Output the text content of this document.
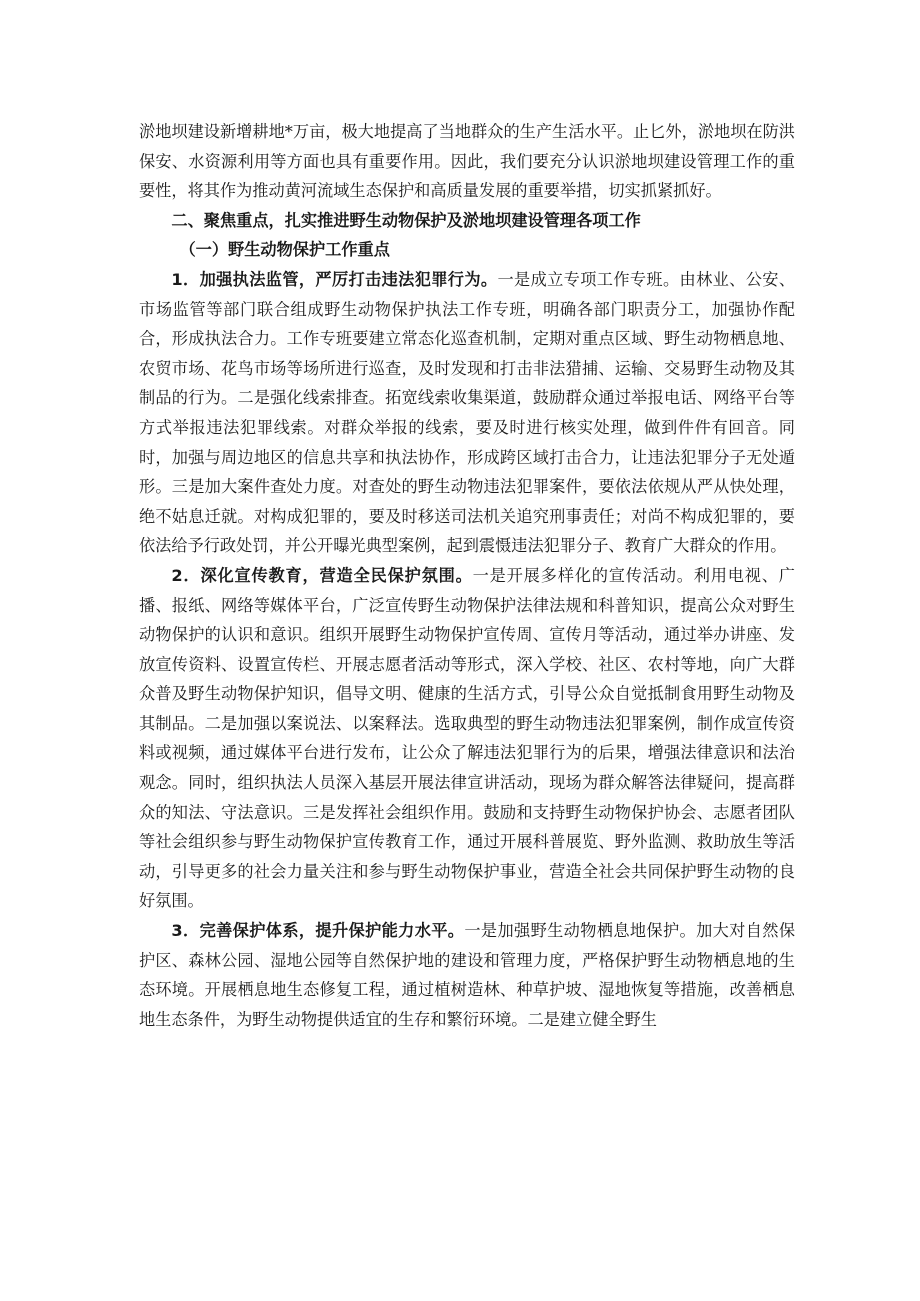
淤地坝建设新增耕地*万亩，极大地提高了当地群众的生产生活水平。止匕外，淤地坝在防洪保安、水资源利用等方面也具有重要作用。因此，我们要充分认识淤地坝建设管理工作的重要性，将其作为推动黄河流域生态保护和高质量发展的重要举措，切实抓紧抓好。

二、聚焦重点，扎实推进野生动物保护及淤地坝建设管理各项工作

（一）野生动物保护工作重点

1．加强执法监管，严厉打击违法犯罪行为。一是成立专项工作专班。由林业、公安、市场监管等部门联合组成野生动物保护执法工作专班，明确各部门职责分工，加强协作配合，形成执法合力。工作专班要建立常态化巡查机制，定期对重点区域、野生动物栖息地、农贸市场、花鸟市场等场所进行巡查，及时发现和打击非法猎捕、运输、交易野生动物及其制品的行为。二是强化线索排查。拓宽线索收集渠道，鼓励群众通过举报电话、网络平台等方式举报违法犯罪线索。对群众举报的线索，要及时进行核实处理，做到件件有回音。同时，加强与周边地区的信息共享和执法协作，形成跨区域打击合力，让违法犯罪分子无处遁形。三是加大案件查处力度。对查处的野生动物违法犯罪案件，要依法依规从严从快处理，绝不姑息迁就。对构成犯罪的，要及时移送司法机关追究刑事责任；对尚不构成犯罪的，要依法给予行政处罚，并公开曝光典型案例，起到震慑违法犯罪分子、教育广大群众的作用。

2．深化宣传教育，营造全民保护氛围。一是开展多样化的宣传活动。利用电视、广播、报纸、网络等媒体平台，广泛宣传野生动物保护法律法规和科普知识，提高公众对野生动物保护的认识和意识。组织开展野生动物保护宣传周、宣传月等活动，通过举办讲座、发放宣传资料、设置宣传栏、开展志愿者活动等形式，深入学校、社区、农村等地，向广大群众普及野生动物保护知识，倡导文明、健康的生活方式，引导公众自觉抵制食用野生动物及其制品。二是加强以案说法、以案释法。选取典型的野生动物违法犯罪案例，制作成宣传资料或视频，通过媒体平台进行发布，让公众了解违法犯罪行为的后果，增强法律意识和法治观念。同时，组织执法人员深入基层开展法律宣讲活动，现场为群众解答法律疑问，提高群众的知法、守法意识。三是发挥社会组织作用。鼓励和支持野生动物保护协会、志愿者团队等社会组织参与野生动物保护宣传教育工作，通过开展科普展览、野外监测、救助放生等活动，引导更多的社会力量关注和参与野生动物保护事业，营造全社会共同保护野生动物的良好氛围。

3．完善保护体系，提升保护能力水平。一是加强野生动物栖息地保护。加大对自然保护区、森林公园、湿地公园等自然保护地的建设和管理力度，严格保护野生动物栖息地的生态环境。开展栖息地生态修复工程，通过植树造林、种草护坡、湿地恢复等措施，改善栖息地生态条件，为野生动物提供适宜的生存和繁衍环境。二是建立健全野生
